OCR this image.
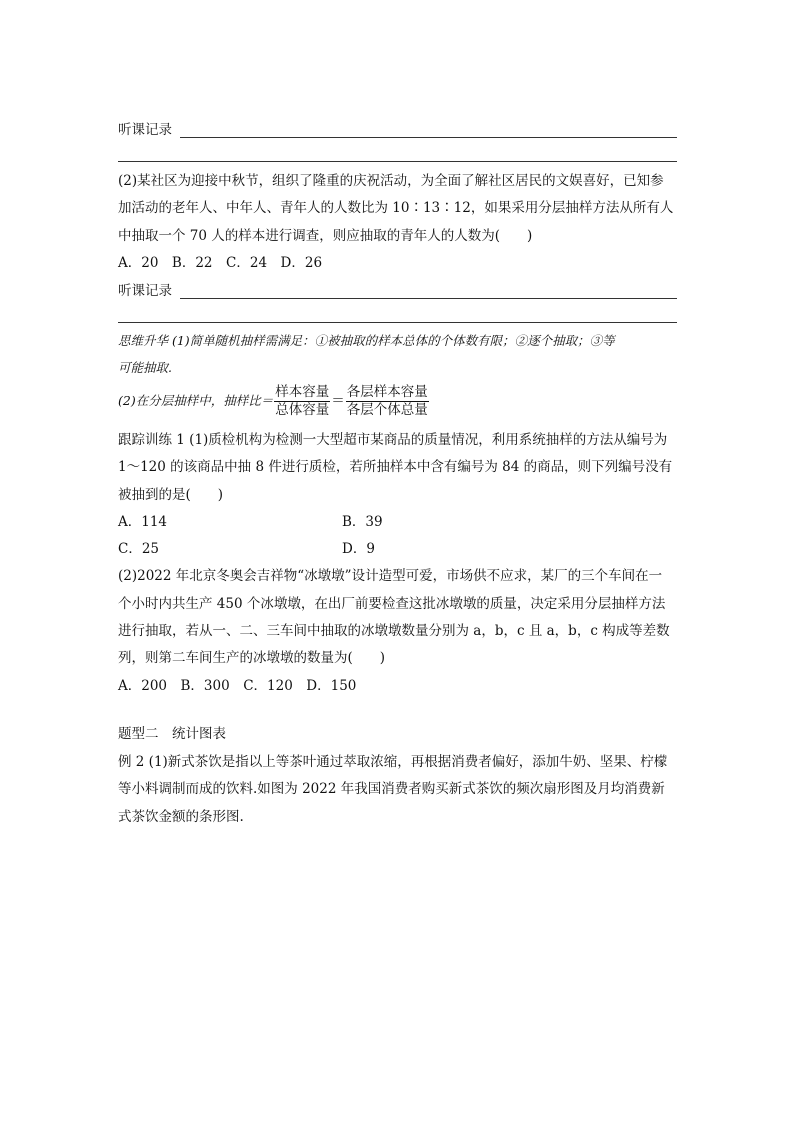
听课记录
(2)某社区为迎接中秋节，组织了隆重的庆祝活动，为全面了解社区居民的文娱喜好，已知参
加活动的老年人、中年人、青年人的人数比为 10∶13∶12，如果采用分层抽样方法从所有人
中抽取一个 70 人的样本进行调查，则应抽取的青年人的人数为(　　)
A．20　B．22　C．24　D．26
听课记录
思维升华 (1)简单随机抽样需满足：①被抽取的样本总体的个体数有限；②逐个抽取；③等
可能抽取.
(2)在分层抽样中，抽样比＝ $\frac{\text{样本容量}}{\text{总体容量}} = \frac{\text{各层样本容量}}{\text{各层个体总量}}$
跟踪训练 1 (1)质检机构为检测一大型超市某商品的质量情况，利用系统抽样的方法从编号为
1～120 的该商品中抽 8 件进行质检，若所抽样本中含有编号为 84 的商品，则下列编号没有
被抽到的是(　　)
A．114	B．39
C．25	D．9
(2)2022 年北京冬奥会吉祥物“冰墩墩”设计造型可爱，市场供不应求，某厂的三个车间在一
个小时内共生产 450 个冰墩墩，在出厂前要检查这批冰墩墩的质量，决定采用分层抽样方法
进行抽取，若从一、二、三车间中抽取的冰墩墩数量分别为 a，b，c 且 a，b，c 构成等差数
列，则第二车间生产的冰墩墩的数量为(　　)
A．200　B．300　C．120　D．150
题型二　统计图表
例 2 (1)新式茶饮是指以上等茶叶通过萃取浓缩，再根据消费者偏好，添加牛奶、坚果、柠檬
等小料调制而成的饮料.如图为 2022 年我国消费者购买新式茶饮的频次扇形图及月均消费新
式茶饮金额的条形图.
